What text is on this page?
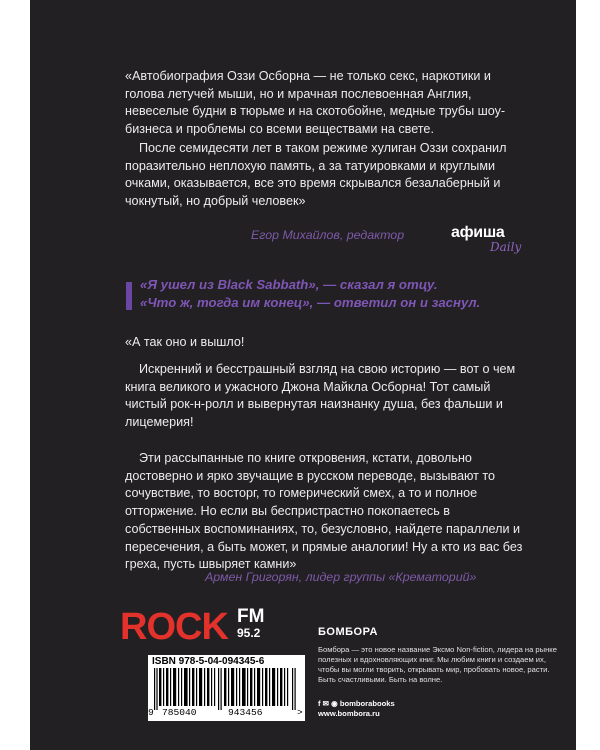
«Автобиография Оззи Осборна — не только секс, наркотики и голова летучей мыши, но и мрачная послевоенная Англия, невеселые будни в тюрьме и на скотобойне, медные трубы шоу-бизнеса и проблемы со всеми веществами на свете.

После семидесяти лет в таком режиме хулиган Оззи сохранил поразительно неплохую память, а за татуировками и круглыми очками, оказывается, все это время скрывался безалаберный и чокнутый, но добрый человек»

Егор Михайлов, редактор	афиша
Daily
«Я ушел из Black Sabbath», — сказал я отцу.
«Что ж, тогда им конец», — ответил он и заснул.

«А так оно и вышло!

Искренний и бесстрашный взгляд на свою историю — вот о чем книга великого и ужасного Джона Майкла Осборна! Тот самый чистый рок-н-ролл и вывернутая наизнанку душа, без фальши и лицемерия!

Эти рассыпанные по книге откровения, кстати, довольно достоверно и ярко звучащие в русском переводе, вызывают то сочувствие, то восторг, то гомерический смех, а то и полное отторжение. Но если вы беспристрастно покопаетесь в собственных воспоминаниях, то, безусловно, найдете параллели и пересечения, а быть может, и прямые аналогии! Ну а кто из вас без греха, пусть швыряет камни»

Армен Григорян, лидер группы «Крематорий»
ROCK FM
95.2	БОМБОРА

Бомбора — это новое название Эксмо Non-fiction, лидера на рынке полезных и вдохновляющих книг. Мы любим книги и создаем их, чтобы вы могли творить, открывать мир, пробовать новое, расти. Быть счастливыми. Быть на волне.

f ✉ ◉ bomborabooks
www.bombora.ru
ISBN 978-5-04-094345-6
9 785040	943456	>
